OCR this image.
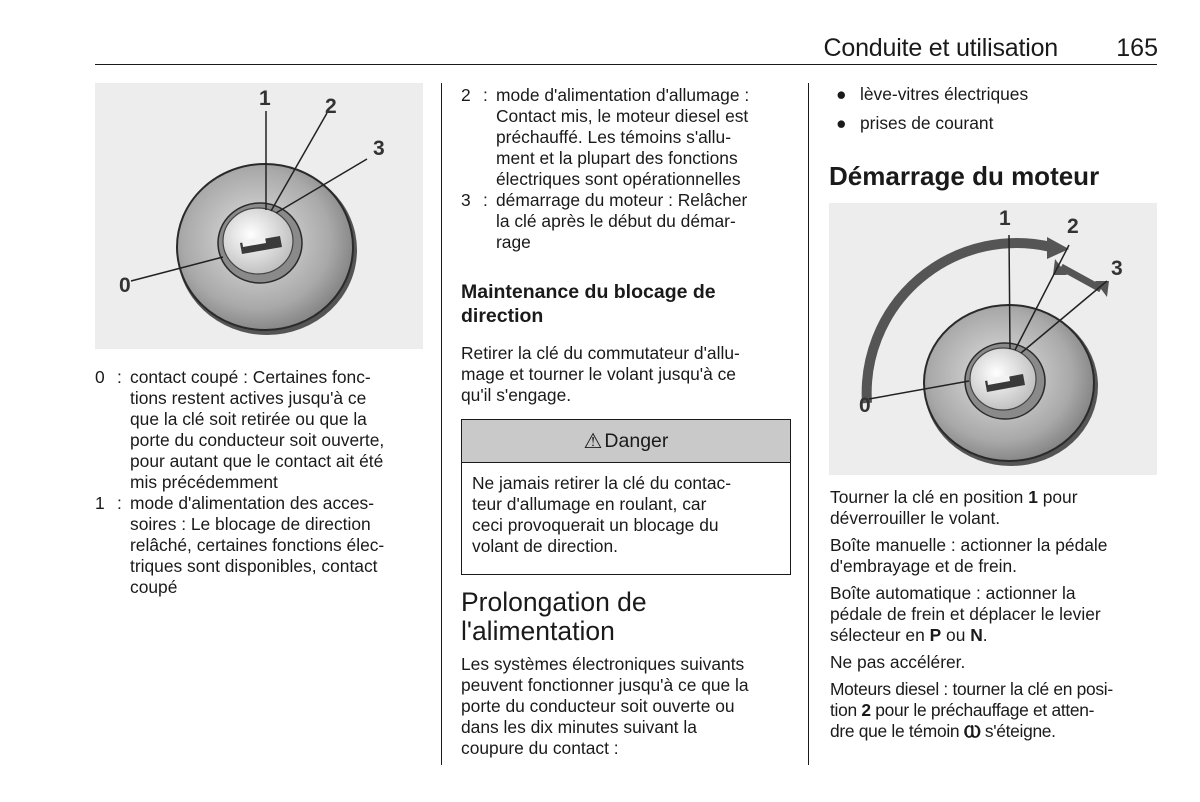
Conduite et utilisation	165
0
1	2
3
0 : contact coupé : Certaines fonc-
tions restent actives jusqu'à ce
que la clé soit retirée ou que la
porte du conducteur soit ouverte,
pour autant que le contact ait été
mis précédemment
1 : mode d'alimentation des acces-
soires : Le blocage de direction
relâché, certaines fonctions élec-
triques sont disponibles, contact
coupé
2 : mode d'alimentation d'allumage :
Contact mis, le moteur diesel est
préchauffé. Les témoins s'allu-
ment et la plupart des fonctions
électriques sont opérationnelles
3 : démarrage du moteur : Relâcher
la clé après le début du démar-
rage
Maintenance du blocage de
direction
Retirer la clé du commutateur d'allu-
mage et tourner le volant jusqu'à ce
qu'il s'engage.
⚠ Danger
Ne jamais retirer la clé du contac-
teur d'allumage en roulant, car
ceci provoquerait un blocage du
volant de direction.
Prolongation de
l'alimentation
Les systèmes électroniques suivants
peuvent fonctionner jusqu'à ce que la
porte du conducteur soit ouverte ou
dans les dix minutes suivant la
coupure du contact :
● lève-vitres électriques
● prises de courant
Démarrage du moteur
0
1	2
3
Tourner la clé en position 1 pour
déverrouiller le volant.
Boîte manuelle : actionner la pédale
d'embrayage et de frein.
Boîte automatique : actionner la
pédale de frein et déplacer le levier
sélecteur en P ou N.
Ne pas accélérer.
Moteurs diesel : tourner la clé en posi-
tion 2 pour le préchauffage et atten-
dre que le témoin Ⲱ s'éteigne.
